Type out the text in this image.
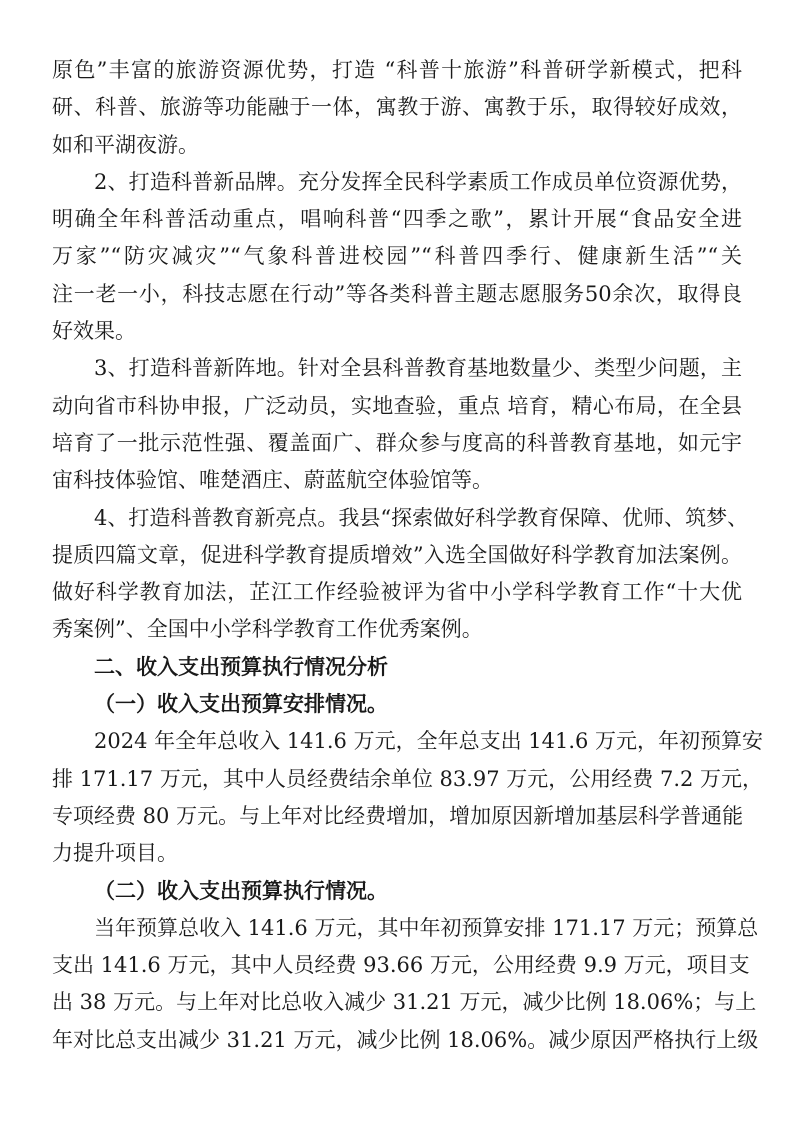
原色”丰富的旅游资源优势，打造 “科普十旅游”科普研学新模式，把科
研、科普、旅游等功能融于一体，寓教于游、寓教于乐，取得较好成效，
如和平湖夜游。
2、打造科普新品牌。充分发挥全民科学素质工作成员单位资源优势，
明确全年科普活动重点，唱响科普“四季之歌”，累计开展“食品安全进
万家”“防灾减灾”“气象科普进校园”“科普四季行、健康新生活”“关
注一老一小，科技志愿在行动”等各类科普主题志愿服务50余次，取得良
好效果。
3、打造科普新阵地。针对全县科普教育基地数量少、类型少问题，主
动向省市科协申报，广泛动员，实地查验，重点 培育，精心布局，在全县
培育了一批示范性强、覆盖面广、群众参与度高的科普教育基地，如元宇
宙科技体验馆、唯楚酒庄、蔚蓝航空体验馆等。
4、打造科普教育新亮点。我县“探索做好科学教育保障、优师、筑梦、
提质四篇文章，促进科学教育提质增效”入选全国做好科学教育加法案例。
做好科学教育加法，芷江工作经验被评为省中小学科学教育工作“十大优
秀案例”、全国中小学科学教育工作优秀案例。
二、收入支出预算执行情况分析
（一）收入支出预算安排情况。
2024 年全年总收入 141.6 万元，全年总支出 141.6 万元，年初预算安
排 171.17 万元，其中人员经费结余单位 83.97 万元，公用经费 7.2 万元，
专项经费 80 万元。与上年对比经费增加，增加原因新增加基层科学普通能
力提升项目。
（二）收入支出预算执行情况。
当年预算总收入 141.6 万元，其中年初预算安排 171.17 万元；预算总
支出 141.6 万元，其中人员经费 93.66 万元，公用经费 9.9 万元，项目支
出 38 万元。与上年对比总收入减少 31.21 万元，减少比例 18.06%；与上
年对比总支出减少 31.21 万元，减少比例 18.06%。减少原因严格执行上级
